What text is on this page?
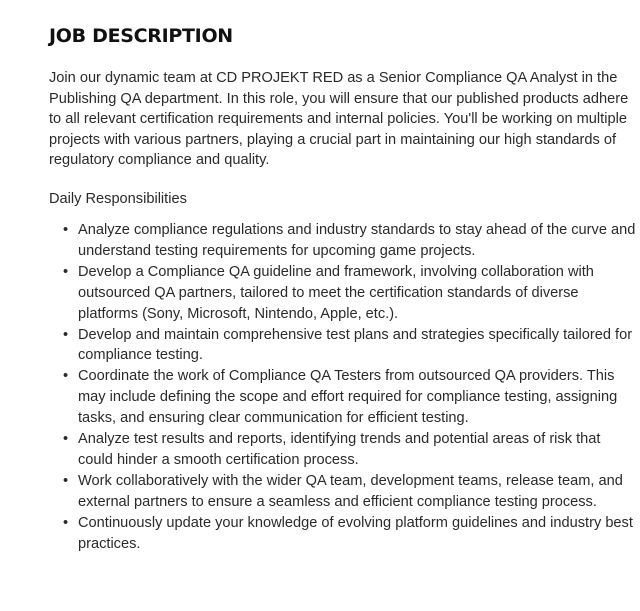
JOB DESCRIPTION

Join our dynamic team at CD PROJEKT RED as a Senior Compliance QA Analyst in the Publishing QA department. In this role, you will ensure that our published products adhere to all relevant certification requirements and internal policies. You'll be working on multiple projects with various partners, playing a crucial part in maintaining our high standards of regulatory compliance and quality.

Daily Responsibilities

• Analyze compliance regulations and industry standards to stay ahead of the curve and understand testing requirements for upcoming game projects.
• Develop a Compliance QA guideline and framework, involving collaboration with outsourced QA partners, tailored to meet the certification standards of diverse platforms (Sony, Microsoft, Nintendo, Apple, etc.).
• Develop and maintain comprehensive test plans and strategies specifically tailored for compliance testing.
• Coordinate the work of Compliance QA Testers from outsourced QA providers. This may include defining the scope and effort required for compliance testing, assigning tasks, and ensuring clear communication for efficient testing.
• Analyze test results and reports, identifying trends and potential areas of risk that could hinder a smooth certification process.
• Work collaboratively with the wider QA team, development teams, release team, and external partners to ensure a seamless and efficient compliance testing process.
• Continuously update your knowledge of evolving platform guidelines and industry best practices.
